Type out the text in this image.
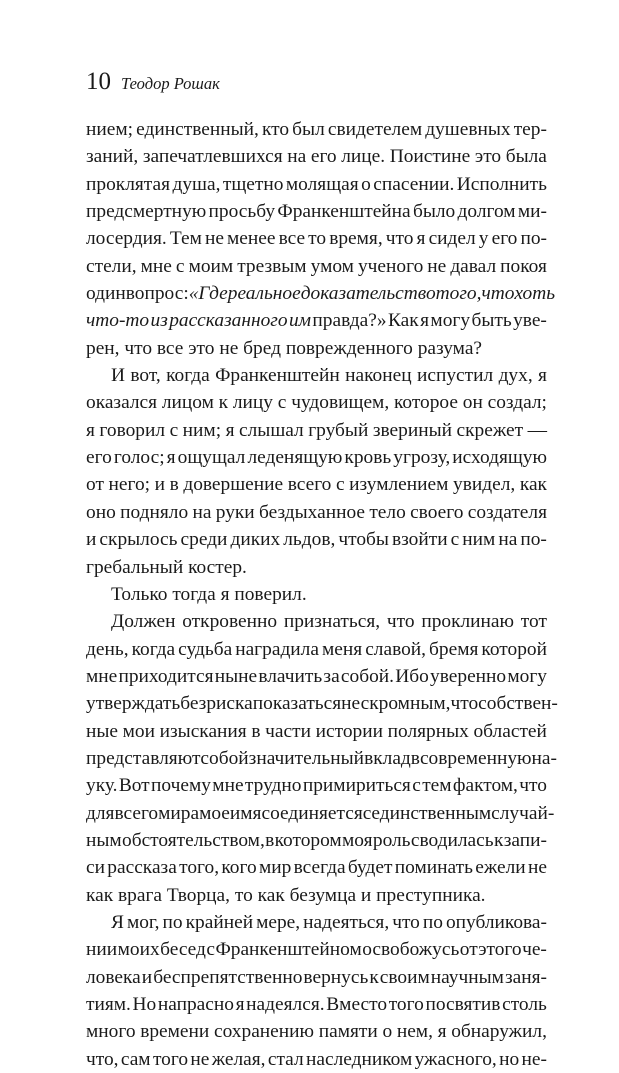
10 Теодор Рошак
нием; единственный, кто был свидетелем душевных тер-
заний, запечатлевшихся на его лице. Поистине это была
проклятая душа, тщетно молящая о спасении. Исполнить
предсмертную просьбу Франкенштейна было долгом ми-
лосердия. Тем не менее все то время, что я сидел у его по-
стели, мне с моим трезвым умом ученого не давал покоя
один вопрос: «Где реальное доказательство того, что хоть
что-то из рассказанного им правда?» Как я могу быть уве-
рен, что все это не бред поврежденного разума?
И вот, когда Франкенштейн наконец испустил дух, я
оказался лицом к лицу с чудовищем, которое он создал;
я говорил с ним; я слышал грубый звериный скрежет —
его голос; я ощущал леденящую кровь угрозу, исходящую
от него; и в довершение всего с изумлением увидел, как
оно подняло на руки бездыханное тело своего создателя
и скрылось среди диких льдов, чтобы взойти с ним на по-
гребальный костер.
Только тогда я поверил.
Должен откровенно признаться, что проклинаю тот
день, когда судьба наградила меня славой, бремя которой
мне приходится ныне влачить за собой. Ибо уверенно могу
утверждать без риска показаться нескромным, что собствен-
ные мои изыскания в части истории полярных областей
представляют собой значительный вклад в современную на-
уку. Вот почему мне трудно примириться с тем фактом, что
для всего мира мое имя соединяется с единственным случай-
ным обстоятельством, в котором моя роль сводилась к запи-
си рассказа того, кого мир всегда будет поминать ежели не
как врага Творца, то как безумца и преступника.
Я мог, по крайней мере, надеяться, что по опубликова-
нии моих бесед с Франкенштейном освобожусь от этого че-
ловека и беспрепятственно вернусь к своим научным заня-
тиям. Но напрасно я надеялся. Вместо того посвятив столь
много времени сохранению памяти о нем, я обнаружил,
что, сам того не желая, стал наследником ужасного, но не-
